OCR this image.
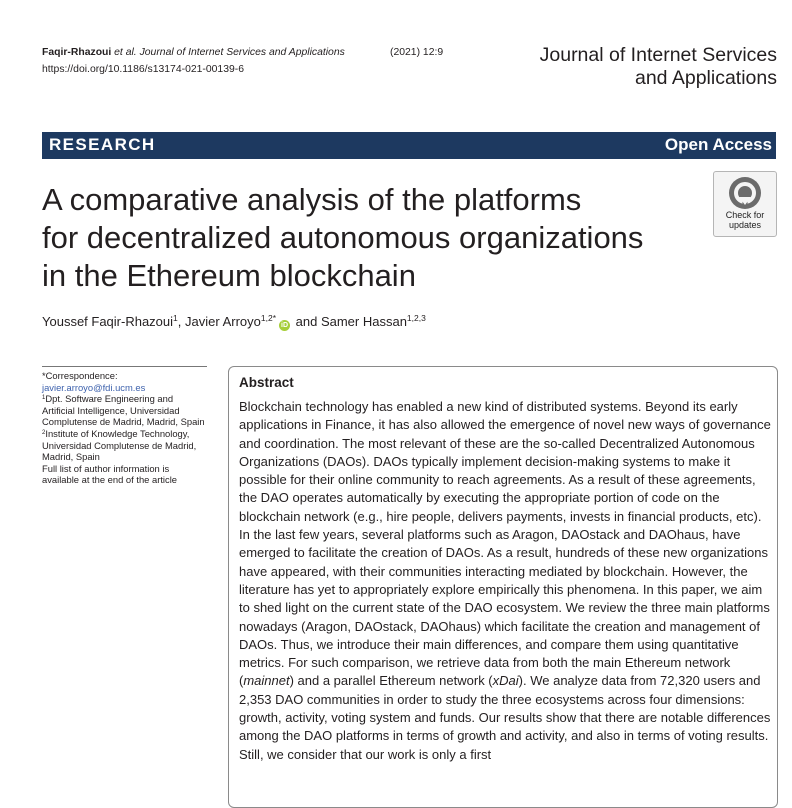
Faqir-Rhazoui et al. Journal of Internet Services and Applications	(2021) 12:9
https://doi.org/10.1186/s13174-021-00139-6
Journal of Internet Services
and Applications
RESEARCH	Open Access
A comparative analysis of the platforms
for decentralized autonomous organizations
in the Ethereum blockchain
Check for
updates
Youssef Faqir-Rhazoui$^1$, Javier Arroyo$^{1,2*}$iD and Samer Hassan$^{1,2,3}$
*Correspondence:
javier.arroyo@fdi.ucm.es
$^1$Dpt. Software Engineering and Artificial Intelligence, Universidad Complutense de Madrid, Madrid, Spain
$^2$Institute of Knowledge Technology, Universidad Complutense de Madrid, Madrid, Spain
Full list of author information is available at the end of the article
Abstract

Blockchain technology has enabled a new kind of distributed systems. Beyond its early applications in Finance, it has also allowed the emergence of novel new ways of governance and coordination. The most relevant of these are the so-called Decentralized Autonomous Organizations (DAOs). DAOs typically implement decision-making systems to make it possible for their online community to reach agreements. As a result of these agreements, the DAO operates automatically by executing the appropriate portion of code on the blockchain network (e.g., hire people, delivers payments, invests in financial products, etc). In the last few years, several platforms such as Aragon, DAOstack and DAOhaus, have emerged to facilitate the creation of DAOs. As a result, hundreds of these new organizations have appeared, with their communities interacting mediated by blockchain. However, the literature has yet to appropriately explore empirically this phenomena. In this paper, we aim to shed light on the current state of the DAO ecosystem. We review the three main platforms nowadays (Aragon, DAOstack, DAOhaus) which facilitate the creation and management of DAOs. Thus, we introduce their main differences, and compare them using quantitative metrics. For such comparison, we retrieve data from both the main Ethereum network (mainnet) and a parallel Ethereum network (xDai). We analyze data from 72,320 users and 2,353 DAO communities in order to study the three ecosystems across four dimensions: growth, activity, voting system and funds. Our results show that there are notable differences among the DAO platforms in terms of growth and activity, and also in terms of voting results. Still, we consider that our work is only a first
